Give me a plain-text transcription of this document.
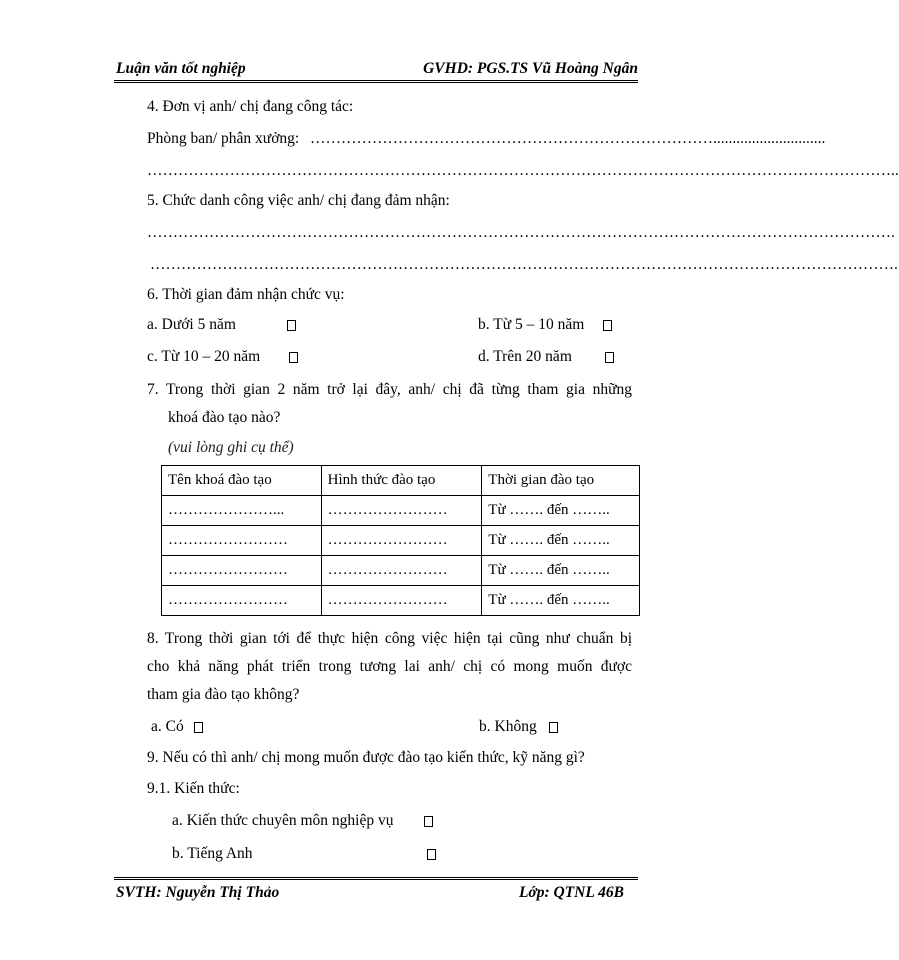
Luận văn tốt nghiệp	GVHD: PGS.TS Vũ Hoàng Ngân
4. Đơn vị anh/ chị đang công tác:
Phòng ban/ phân xưởng: …………………………………………………………………….............................
………………………………………………………………………………………………………………………………..
5. Chức danh công việc anh/ chị đang đảm nhận:
……………………………………………………………………………………………………………………………….
……………………………………………………………………………………………………………………………….
6. Thời gian đảm nhận chức vụ:
a. Dưới 5 năm	b. Từ 5 – 10 năm
c. Từ 10 – 20 năm	d. Trên 20 năm
7. Trong thời gian 2 năm trở lại đây, anh/ chị đã từng tham gia những
khoá đào tạo nào?
(vui lòng ghi cụ thể)
Tên khoá đào tạo	Hình thức đào tạo	Thời gian đào tạo
…………………...	……………………	Từ ……. đến ……..
……………………	……………………	Từ ……. đến ……..
……………………	……………………	Từ ……. đến ……..
……………………	……………………	Từ ……. đến ……..
8. Trong thời gian tới để thực hiện công việc hiện tại cũng như chuẩn bị
cho khả năng phát triển trong tương lai anh/ chị có mong muốn được
tham gia đào tạo không?
a. Có	b. Không
9. Nếu có thì anh/ chị mong muốn được đào tạo kiến thức, kỹ năng gì?
9.1. Kiến thức:
a. Kiến thức chuyên môn nghiệp vụ
b. Tiếng Anh
SVTH: Nguyễn Thị Thảo	Lớp: QTNL 46B
